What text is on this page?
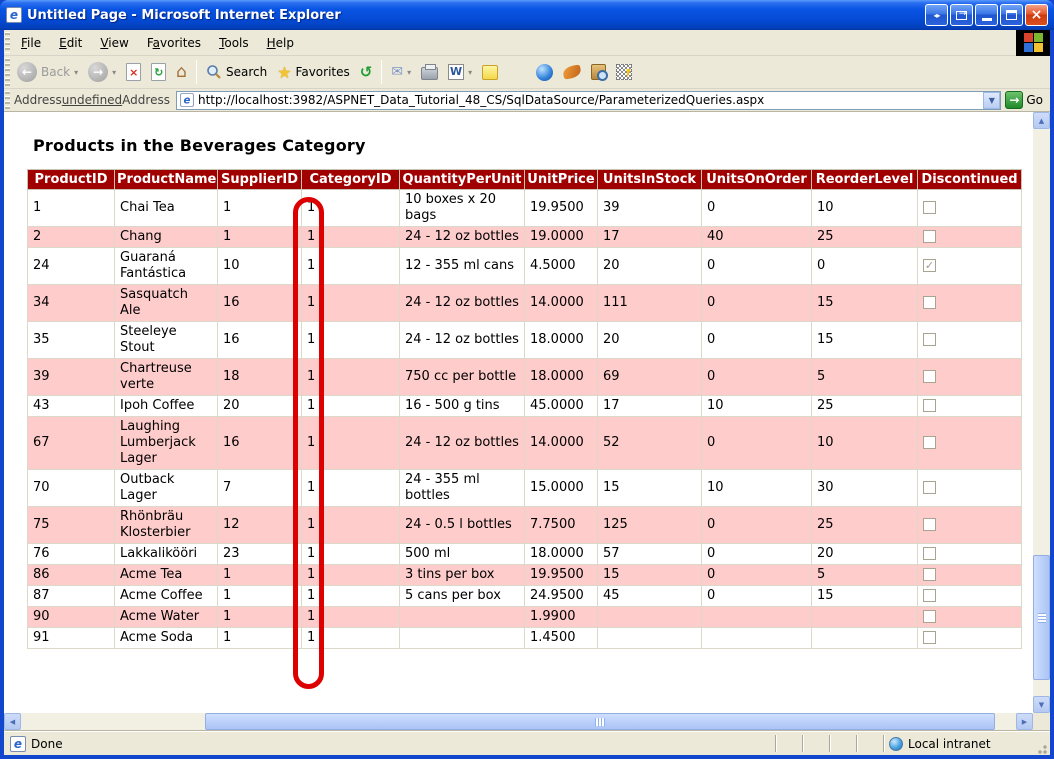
e Untitled Page - Microsoft Internet Explorer	◂▸ →	×
File	Edit	View	Favorites	Tools	Help
← Back ▾	→	▾ × ↻ ⌂	Search ★ Favorites ↺ ✉ ▾	W ▾
AddressundefinedAddress	e http://localhost:3982/ASPNET_Data_Tutorial_48_CS/SqlDataSource/ParameterizedQueries.aspx	▼	→ Go
Products in the Beverages Category
ProductID	ProductName	SupplierID	CategoryID	QuantityPerUnit	UnitPrice	UnitsInStock	UnitsOnOrder	ReorderLevel	Discontinued
1	Chai Tea	1	1	10 boxes x 20 bags	19.9500	39	0	10	
2	Chang	1	1	24 - 12 oz bottles	19.0000	17	40	25	
24	Guaraná Fantástica	10	1	12 - 355 ml cans	4.5000	20	0	0	✓
34	Sasquatch Ale	16	1	24 - 12 oz bottles	14.0000	111	0	15	
35	Steeleye Stout	16	1	24 - 12 oz bottles	18.0000	20	0	15	
39	Chartreuse verte	18	1	750 cc per bottle	18.0000	69	0	5	
43	Ipoh Coffee	20	1	16 - 500 g tins	45.0000	17	10	25	
67	Laughing Lumberjack Lager	16	1	24 - 12 oz bottles	14.0000	52	0	10	
70	Outback Lager	7	1	24 - 355 ml bottles	15.0000	15	10	30	
75	Rhönbräu Klosterbier	12	1	24 - 0.5 l bottles	7.7500	125	0	25	
76	Lakkalikööri	23	1	500 ml	18.0000	57	0	20	
86	Acme Tea	1	1	3 tins per box	19.9500	15	0	5	
87	Acme Coffee	1	1	5 cans per box	24.9500	45	0	15	
90	Acme Water	1	1		1.9900				
91	Acme Soda	1	1		1.4500				
▲
▼
◀	▶
e Done	Local intranet
